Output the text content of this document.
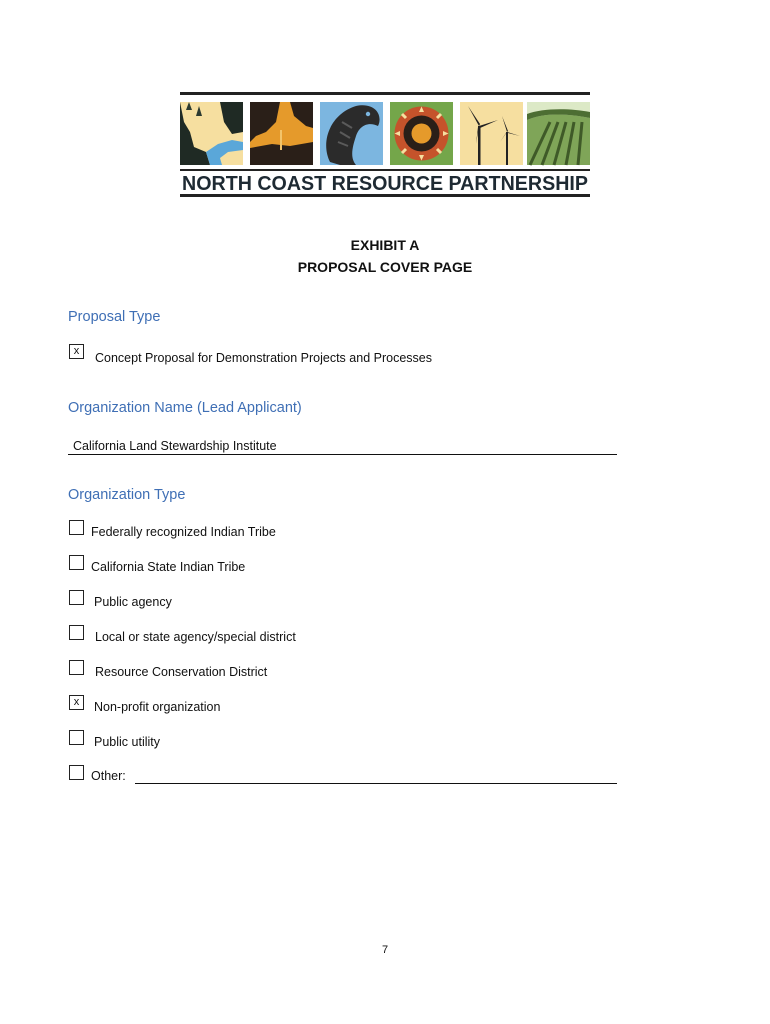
NORTH COAST RESOURCE PARTNERSHIP
EXHIBIT A
PROPOSAL COVER PAGE
Proposal Type
x	Concept Proposal for Demonstration Projects and Processes
Organization Name (Lead Applicant)
California Land Stewardship Institute
Organization Type
Federally recognized Indian Tribe
California State Indian Tribe
Public agency
Local or state agency/special district
Resource Conservation District
x	Non-profit organization
Public utility
Other:
7
